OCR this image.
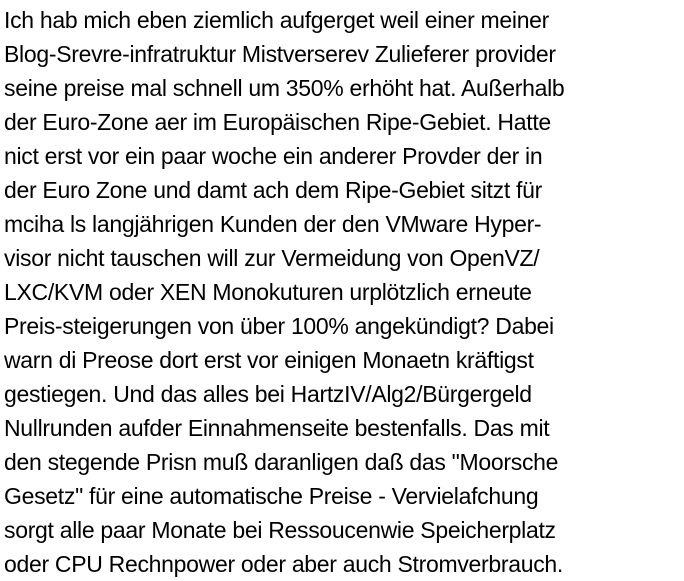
Ich hab mich eben ziemlich aufgerget weil einer meiner
Blog-Srevre-infratruktur Mistverserev Zulieferer provider
seine preise mal schnell um 350% erhöht hat. Außerhalb
der Euro-Zone aer im Europäischen Ripe-Gebiet. Hatte
nict erst vor ein paar woche ein anderer Provder der in
der Euro Zone und damt ach dem Ripe-Gebiet sitzt für
mciha ls langjährigen Kunden der den VMware Hyper-
visor nicht tauschen will zur Vermeidung von OpenVZ/
LXC/KVM oder XEN Monokuturen urplötzlich erneute
Preis-steigerungen von über 100% angekündigt? Dabei
warn di Preose dort erst vor einigen Monaetn kräftigst
gestiegen. Und das alles bei HartzIV/Alg2/Bürgergeld
Nullrunden aufder Einnahmenseite bestenfalls. Das mit
den stegende Prisn muß daranligen daß das "Moorsche
Gesetz" für eine automatische Preise - Vervielafchung
sorgt alle paar Monate bei Ressoucenwie Speicherplatz
oder CPU Rechnpower oder aber auch Stromverbrauch.
